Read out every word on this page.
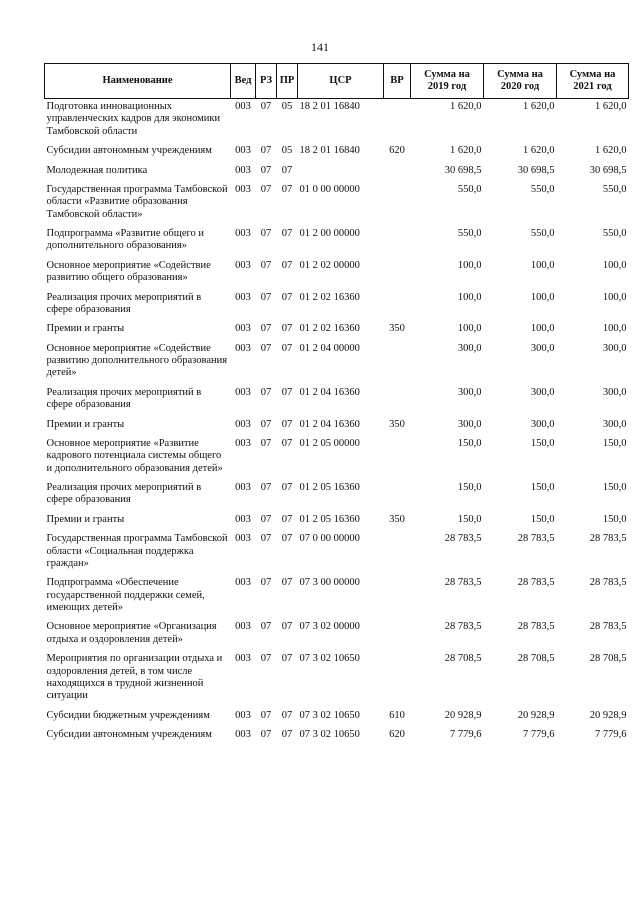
141
Наименование	Вед	РЗ	ПР	ЦСР	ВР	Сумма на 2019 год	Сумма на 2020 год	Сумма на 2021 год
Подготовка инновационных управленческих кадров для экономики Тамбовской области	003	07	05	18 2 01 16840		1 620,0	1 620,0	1 620,0
Субсидии автономным учреждениям	003	07	05	18 2 01 16840	620	1 620,0	1 620,0	1 620,0
Молодежная политика	003	07	07			30 698,5	30 698,5	30 698,5
Государственная программа Тамбовской области «Развитие образования Тамбовской области»	003	07	07	01 0 00 00000		550,0	550,0	550,0
Подпрограмма «Развитие общего и дополнительного образования»	003	07	07	01 2 00 00000		550,0	550,0	550,0
Основное мероприятие «Содействие развитию общего образования»	003	07	07	01 2 02 00000		100,0	100,0	100,0
Реализация прочих мероприятий в сфере образования	003	07	07	01 2 02 16360		100,0	100,0	100,0
Премии и гранты	003	07	07	01 2 02 16360	350	100,0	100,0	100,0
Основное мероприятие «Содействие развитию дополнительного образования детей»	003	07	07	01 2 04 00000		300,0	300,0	300,0
Реализация прочих мероприятий в сфере образования	003	07	07	01 2 04 16360		300,0	300,0	300,0
Премии и гранты	003	07	07	01 2 04 16360	350	300,0	300,0	300,0
Основное мероприятие «Развитие кадрового потенциала системы общего и дополнительного образования детей»	003	07	07	01 2 05 00000		150,0	150,0	150,0
Реализация прочих мероприятий в сфере образования	003	07	07	01 2 05 16360		150,0	150,0	150,0
Премии и гранты	003	07	07	01 2 05 16360	350	150,0	150,0	150,0
Государственная программа Тамбовской области «Социальная поддержка граждан»	003	07	07	07 0 00 00000		28 783,5	28 783,5	28 783,5
Подпрограмма «Обеспечение государственной поддержки семей, имеющих детей»	003	07	07	07 3 00 00000		28 783,5	28 783,5	28 783,5
Основное мероприятие «Организация отдыха и оздоровления детей»	003	07	07	07 3 02 00000		28 783,5	28 783,5	28 783,5
Мероприятия по организации отдыха и оздоровления детей, в том числе находящихся в трудной жизненной ситуации	003	07	07	07 3 02 10650		28 708,5	28 708,5	28 708,5
Субсидии бюджетным учреждениям	003	07	07	07 3 02 10650	610	20 928,9	20 928,9	20 928,9
Субсидии автономным учреждениям	003	07	07	07 3 02 10650	620	7 779,6	7 779,6	7 779,6
